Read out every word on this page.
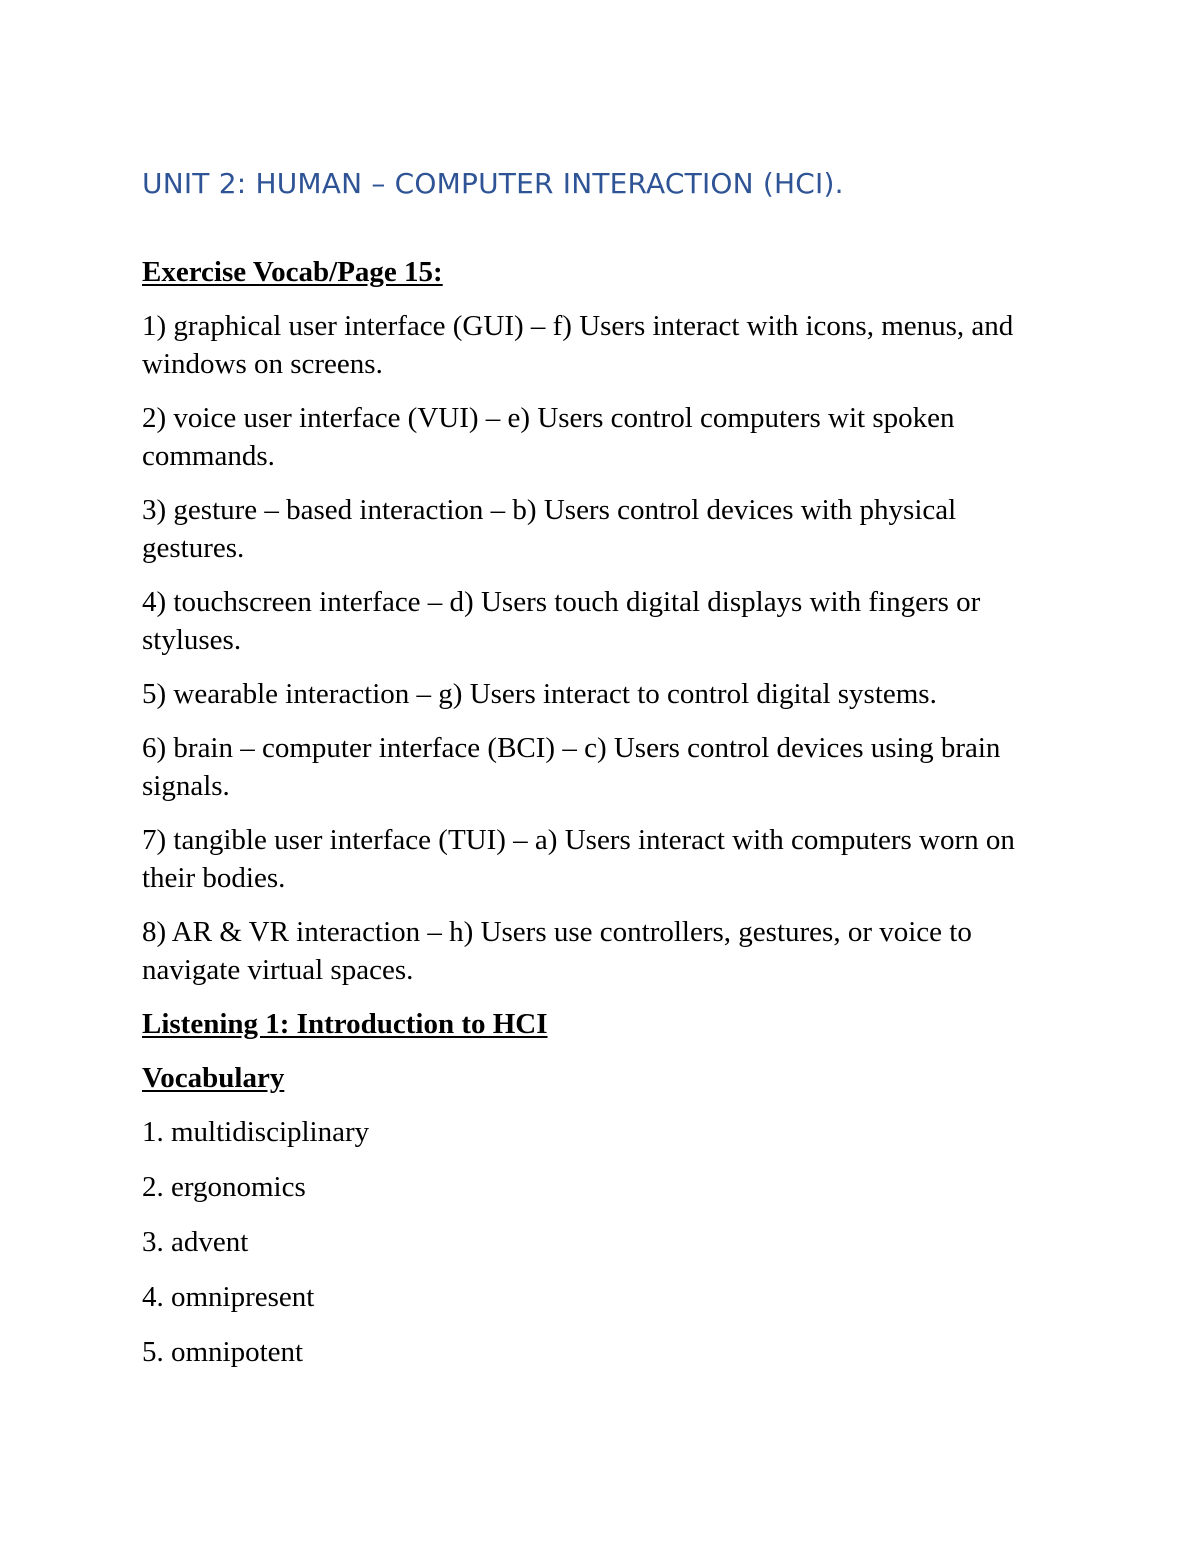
UNIT 2: HUMAN – COMPUTER INTERACTION (HCI).

Exercise Vocab/Page 15:

1) graphical user interface (GUI) – f) Users interact with icons, menus, and windows on screens.

2) voice user interface (VUI) – e) Users control computers wit spoken commands.

3) gesture – based interaction – b) Users control devices with physical gestures.

4) touchscreen interface – d) Users touch digital displays with fingers or styluses.

5) wearable interaction – g) Users interact to control digital systems.

6) brain – computer interface (BCI) – c) Users control devices using brain signals.

7) tangible user interface (TUI) – a) Users interact with computers worn on their bodies.

8) AR & VR interaction – h) Users use controllers, gestures, or voice to navigate virtual spaces.

Listening 1: Introduction to HCI

Vocabulary

1. multidisciplinary
2. ergonomics
3. advent
4. omnipresent
5. omnipotent
